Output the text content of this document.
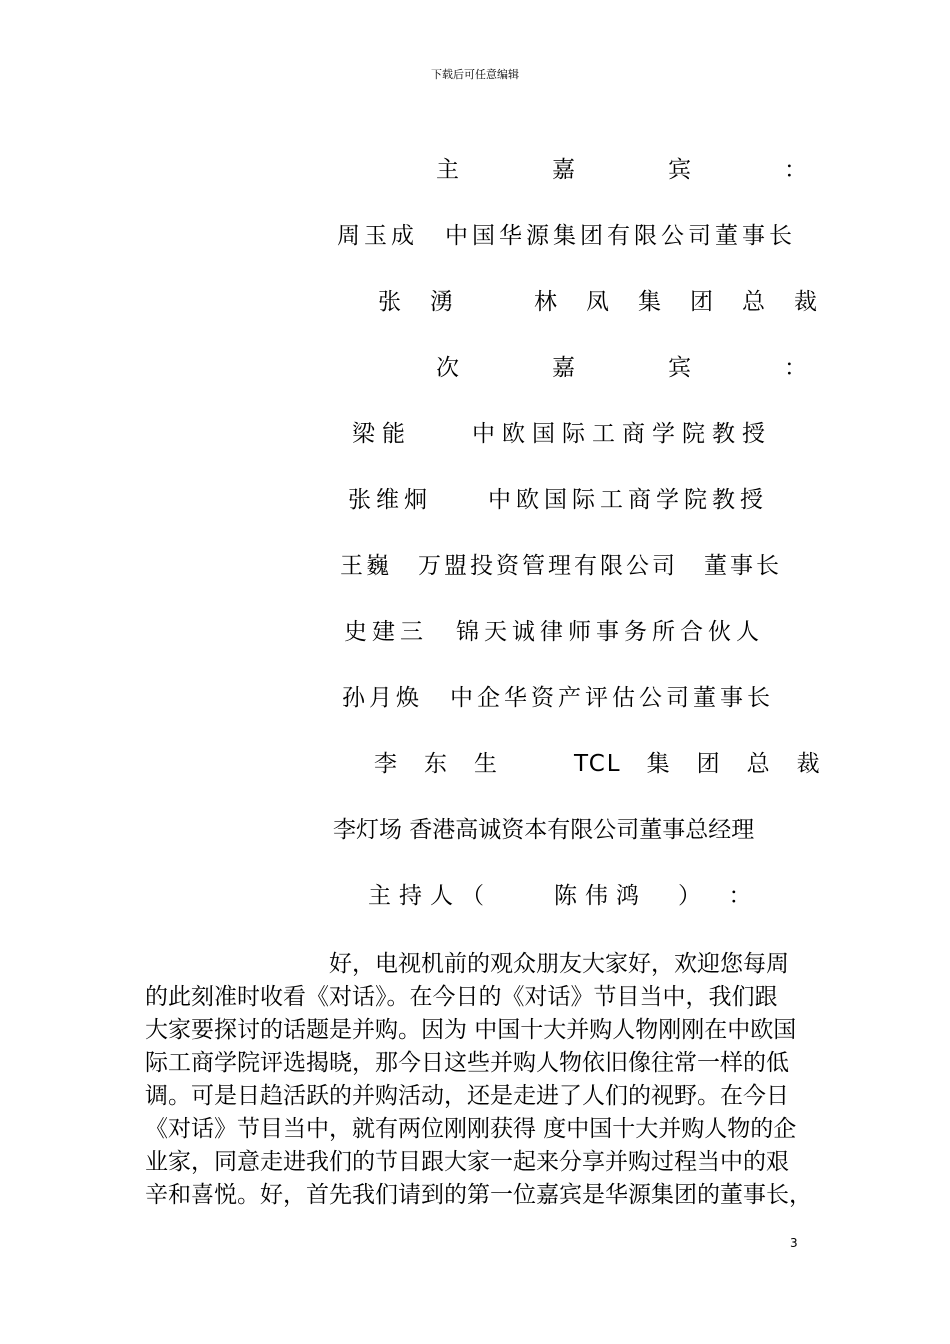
下载后可任意编辑
主　　　嘉　　　宾　　　：
周玉成　中国华源集团有限公司董事长
张　湧　　　林　凤　集　团　总　裁
次　　　嘉　　　宾　　　：
梁能　　中欧国际工商学院教授
张维炯　　中欧国际工商学院教授
王巍　万盟投资管理有限公司　董事长
史建三　锦天诚律师事务所合伙人
孙月焕　中企华资产评估公司董事长
李　东　生　　　TCL　集　团　总　裁
李灯场 香港高诚资本有限公司董事总经理
主持人（　　陈伟鸿　）　：

　　　　　　　　好，电视机前的观众朋友大家好，欢迎您每周

的此刻准时收看《对话》。在今日的《对话》节目当中，我们跟

大家要探讨的话题是并购。因为 中国十大并购人物刚刚在中欧国

际工商学院评选揭晓，那今日这些并购人物依旧像往常一样的低

调。可是日趋活跃的并购活动，还是走进了人们的视野。在今日

《对话》节目当中，就有两位刚刚获得 度中国十大并购人物的企

业家，同意走进我们的节目跟大家一起来分享并购过程当中的艰

辛和喜悦。好，首先我们请到的第一位嘉宾是华源集团的董事长，

3
